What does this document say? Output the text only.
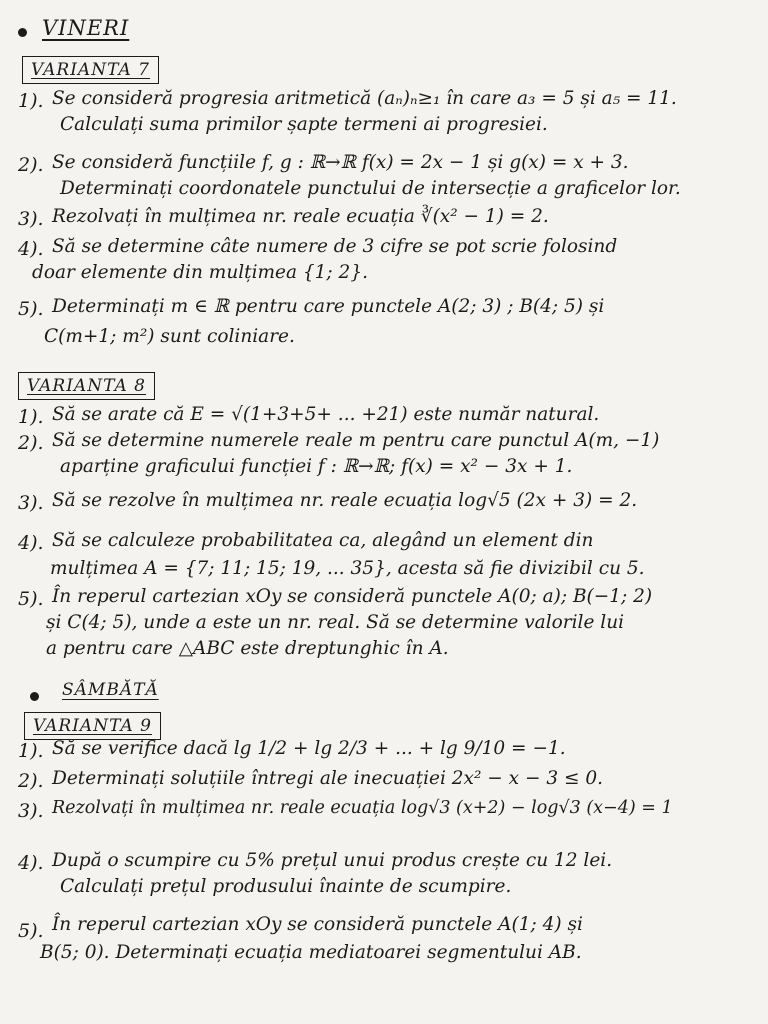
VINERI
VARIANTA 7
1). Se consideră progresia aritmetică (aₙ)ₙ≥₁ în care a₃ = 5 și a₅ = 11.
Calculați suma primilor șapte termeni ai progresiei.
2). Se consideră funcțiile f, g : ℝ→ℝ f(x) = 2x − 1 și g(x) = x + 3.
Determinați coordonatele punctului de intersecție a graficelor lor.
3). Rezolvați în mulțimea nr. reale ecuația ∛(x² − 1) = 2.
4). Să se determine câte numere de 3 cifre se pot scrie folosind
doar elemente din mulțimea {1; 2}.
5). Determinați m ∈ ℝ pentru care punctele A(2; 3) ; B(4; 5) și
C(m+1; m²) sunt coliniare.
VARIANTA 8
1). Să se arate că E = √(1+3+5+ ... +21) este număr natural.
2). Să se determine numerele reale m pentru care punctul A(m, −1)
aparține graficului funcției f : ℝ→ℝ; f(x) = x² − 3x + 1.
3). Să se rezolve în mulțimea nr. reale ecuația log√5 (2x + 3) = 2.
4). Să se calculeze probabilitatea ca, alegând un element din
mulțimea A = {7; 11; 15; 19, ... 35}, acesta să fie divizibil cu 5.
5). În reperul cartezian xOy se consideră punctele A(0; a); B(−1; 2)
și C(4; 5), unde a este un nr. real. Să se determine valorile lui
a pentru care △ABC este dreptunghic în A.
SÂMBĂTĂ
VARIANTA 9
1). Să se verifice dacă lg 1/2 + lg 2/3 + ... + lg 9/10 = −1.
2). Determinați soluțiile întregi ale inecuației 2x² − x − 3 ≤ 0.
3). Rezolvați în mulțimea nr. reale ecuația log√3 (x+2) − log√3 (x−4) = 1
4). După o scumpire cu 5% prețul unui produs crește cu 12 lei.
Calculați prețul produsului înainte de scumpire.
5). În reperul cartezian xOy se consideră punctele A(1; 4) și
B(5; 0). Determinați ecuația mediatoarei segmentului AB.
